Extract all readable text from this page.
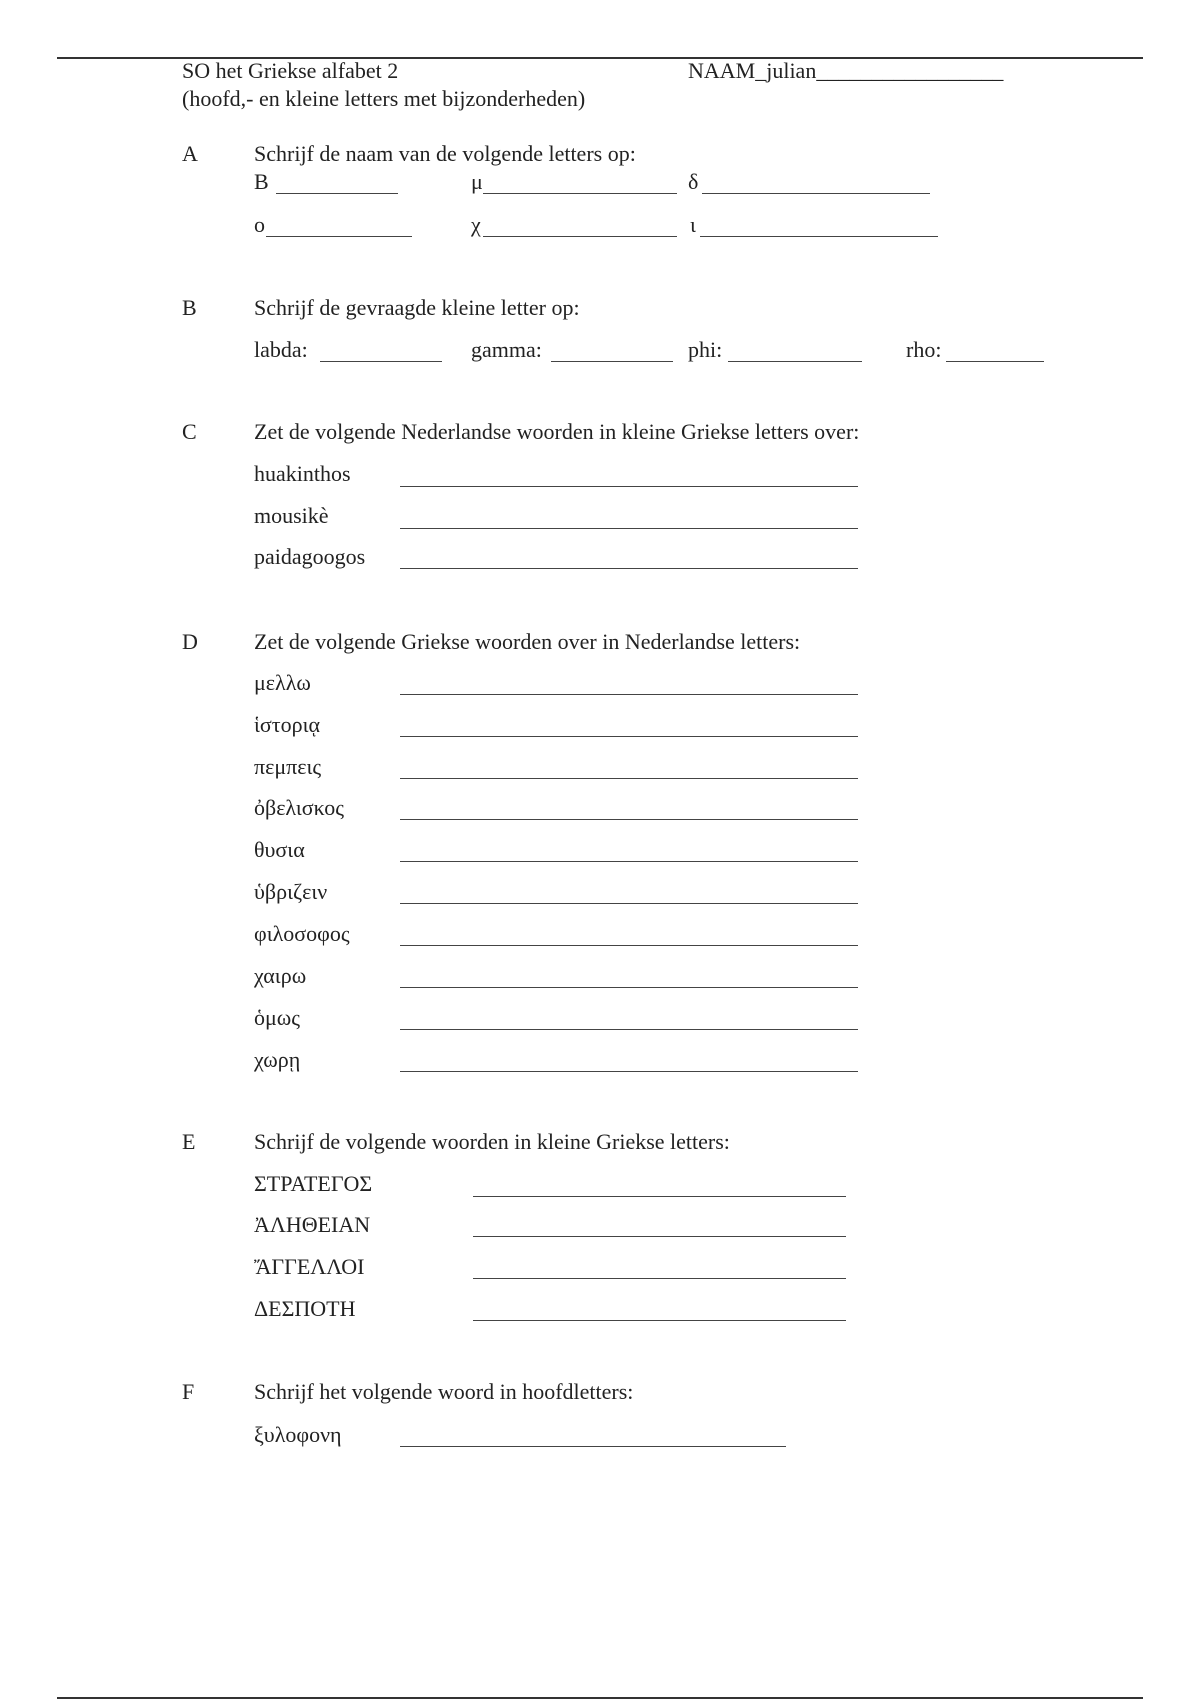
SO het Griekse alfabet 2
(hoofd,- en kleine letters met bijzonderheden)
NAAM_julian_________________
A	Schrijf de naam van de volgende letters op:
B	μ	δ
o	χ	ι
B	Schrijf de gevraagde kleine letter op:
labda:	gamma:	phi:	rho:
C	Zet de volgende Nederlandse woorden in kleine Griekse letters over:
huakinthos
mousikè
paidagoogos
D	Zet de volgende Griekse woorden over in Nederlandse letters:
μελλω
ἱστοριᾳ
πεμπεις
ὀβελισκος
θυσια
ὑβριζειν
φιλοσοφος
χαιρω
ὁμως
χωρῃ
E	Schrijf de volgende woorden in kleine Griekse letters:
ΣΤΡΑΤΕΓΟΣ
ἈΛΗΘΕΙΑΝ
ἌΓΓΕΛΛΟΙ
ΔΕΣΠΟΤΗ
F	Schrijf het volgende woord in hoofdletters:
ξυλοφονη
